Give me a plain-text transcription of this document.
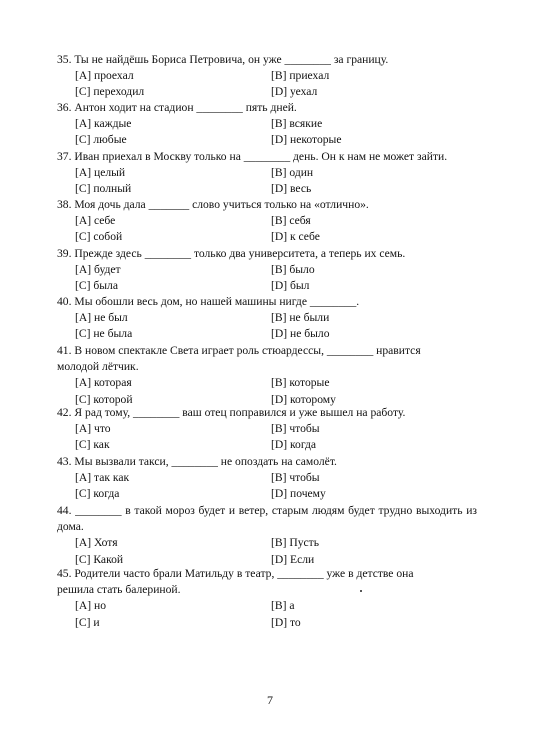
35. Ты не найдёшь Бориса Петровича, он уже ________ за границу.
[A] проехал	[B] приехал
[C] переходил	[D] уехал
36. Антон ходит на стадион ________ пять дней.
[A] каждые	[B] всякие
[C] любые	[D] некоторые
37. Иван приехал в Москву только на ________ день. Он к нам не может зайти.
[A] целый	[B] один
[C] полный	[D] весь
38. Моя дочь дала _______ слово учиться только на «отлично».
[A] себе	[B] себя
[C] собой	[D] к себе
39. Прежде здесь ________ только два университета, а теперь их семь.
[A] будет	[B] было
[C] была	[D] был
40. Мы обошли весь дом, но нашей машины нигде ________.
[A] не был	[B] не были
[C] не была	[D] не было
41. В новом спектакле Света играет роль стюардессы, ________ нравится молодой лётчик.
[A] которая	[B] которые
[C] которой	[D] которому
42. Я рад тому, ________ ваш отец поправился и уже вышел на работу.
[A] что	[B] чтобы
[C] как	[D] когда
43. Мы вызвали такси, ________ не опоздать на самолёт.
[A] так как	[B] чтобы
[C] когда	[D] почему
44. ________ в такой мороз будет и ветер, старым людям будет трудно выходить из дома.
[A] Хотя	[B] Пусть
[C] Какой	[D] Если
45. Родители часто брали Матильду в театр, ________ уже в детстве она решила стать балериной.
[A] но	[B] а
[C] и	[D] то
7
